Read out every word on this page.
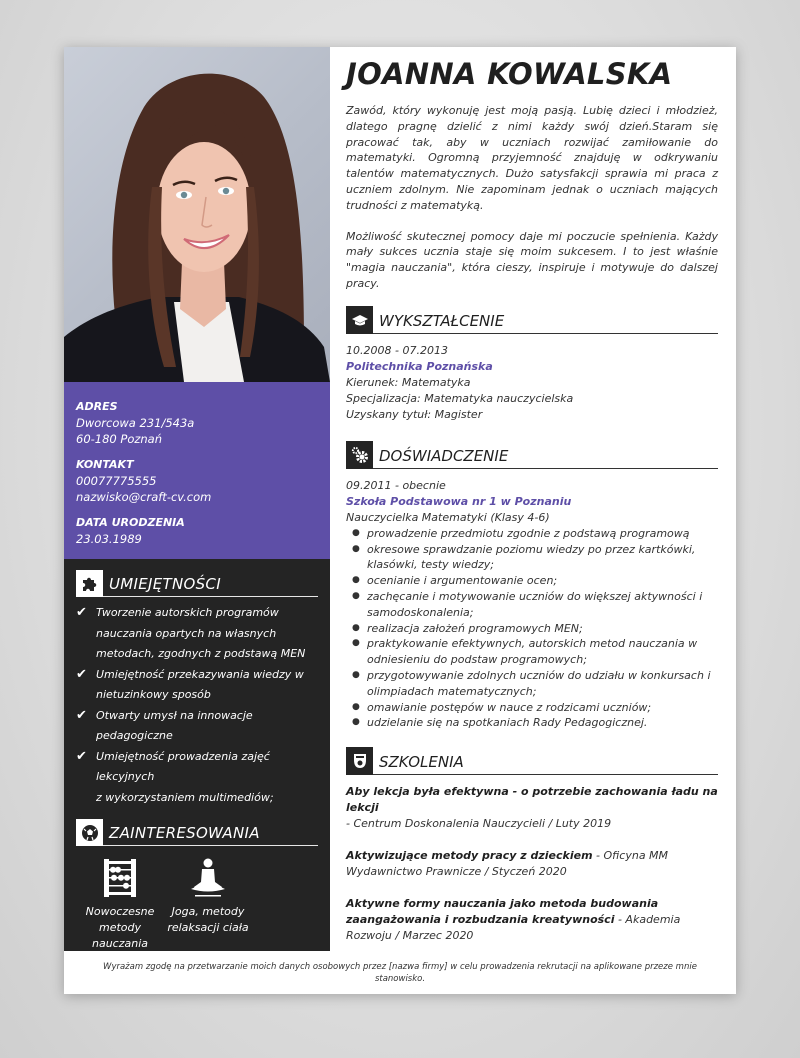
ADRES
Dworcowa 231/543a
60-180 Poznań
KONTAKT
00077775555
nazwisko@craft-cv.com
DATA URODZENIA
23.03.1989
UMIEJĘTNOŚCI
✔ Tworzenie autorskich programów
nauczania opartych na własnych
metodach, zgodnych z podstawą MEN
✔ Umiejętność przekazywania wiedzy w
nietuzinkowy sposób
✔ Otwarty umysł na innowacje pedagogiczne
✔ Umiejętność prowadzenia zajęć lekcyjnych
z wykorzystaniem multimediów;
ZAINTERESOWANIA
Nowoczesne metody nauczania
Joga, metody relaksacji ciała
JOANNA KOWALSKA

Zawód, który wykonuję jest moją pasją. Lubię dzieci i młodzież, dlatego pragnę dzielić z nimi każdy swój dzień.Staram się pracować tak, aby w uczniach rozwijać zamiłowanie do matematyki. Ogromną przyjemność znajduję w odkrywaniu talentów matematycznych. Dużo satysfakcji sprawia mi praca z uczniem zdolnym. Nie zapominam jednak o uczniach mających trudności z matematyką.

Możliwość skutecznej pomocy daje mi poczucie spełnienia. Każdy mały sukces ucznia staje się moim sukcesem. I to jest właśnie "magia nauczania", która cieszy, inspiruje i motywuje do dalszej pracy.

WYKSZTAŁCENIE
10.2008 - 07.2013
Politechnika Poznańska
Kierunek: Matematyka
Specjalizacja: Matematyka nauczycielska
Uzyskany tytuł: Magister
DOŚWIADCZENIE
09.2011 - obecnie
Szkoła Podstawowa nr 1 w Poznaniu
Nauczycielka Matematyki (Klasy 4-6)
● prowadzenie przedmiotu zgodnie z podstawą programową
● okresowe sprawdzanie poziomu wiedzy po przez kartkówki, klasówki, testy wiedzy;
● ocenianie i argumentowanie ocen;
● zachęcanie i motywowanie uczniów do większej aktywności i samodoskonalenia;
● realizacja założeń programowych MEN;
● praktykowanie efektywnych, autorskich metod nauczania w odniesieniu do podstaw programowych;
● przygotowywanie zdolnych uczniów do udziału w konkursach i olimpiadach matematycznych;
● omawianie postępów w nauce z rodzicami uczniów;
● udzielanie się na spotkaniach Rady Pedagogicznej.
SZKOLENIA
Aby lekcja była efektywna - o potrzebie zachowania ładu na lekcji
- Centrum Doskonalenia Nauczycieli / Luty 2019
Aktywizujące metody pracy z dzieckiem - Oficyna MM Wydawnictwo Prawnicze / Styczeń 2020
Aktywne formy nauczania jako metoda budowania zaangażowania i rozbudzania kreatywności - Akademia Rozwoju / Marzec 2020
Wyrażam zgodę na przetwarzanie moich danych osobowych przez [nazwa firmy] w celu prowadzenia rekrutacji na aplikowane przeze mnie stanowisko.
